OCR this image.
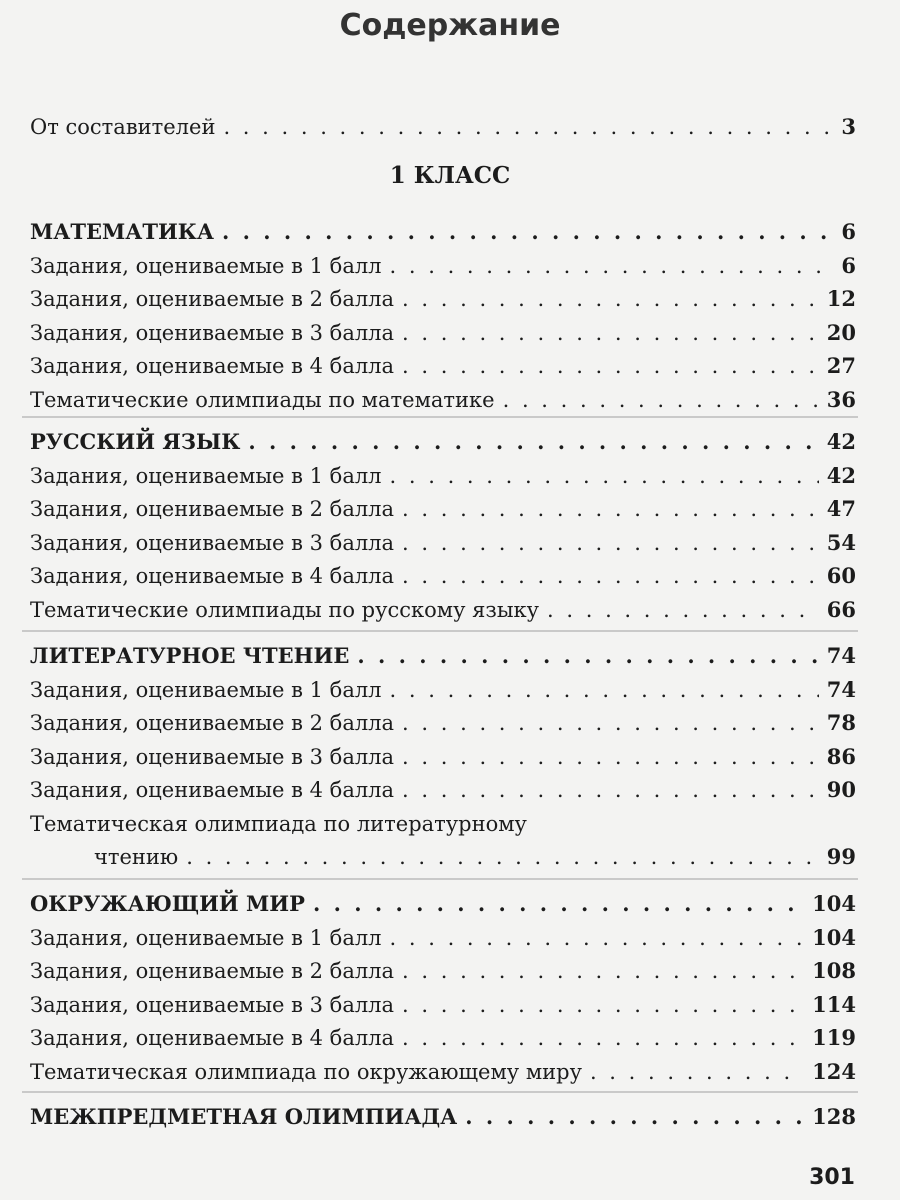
Содержание
От составителей . . .	3
1 КЛАСС
МАТЕМАТИКА . . .	6
Задания, оцениваемые в 1 балл . . .	6
Задания, оцениваемые в 2 балла . . .	12
Задания, оцениваемые в 3 балла . . .	20
Задания, оцениваемые в 4 балла . . .	27
Тематические олимпиады по математике . . .	36
РУССКИЙ ЯЗЫК . . .	42
Задания, оцениваемые в 1 балл . . .	42
Задания, оцениваемые в 2 балла . . .	47
Задания, оцениваемые в 3 балла . . .	54
Задания, оцениваемые в 4 балла . . .	60
Тематические олимпиады по русскому языку . . .	66
ЛИТЕРАТУРНОЕ ЧТЕНИЕ . . .	74
Задания, оцениваемые в 1 балл . . .	74
Задания, оцениваемые в 2 балла . . .	78
Задания, оцениваемые в 3 балла . . .	86
Задания, оцениваемые в 4 балла . . .	90
Тематическая олимпиада по литературному
чтению . . .	99
ОКРУЖАЮЩИЙ МИР . . .	104
Задания, оцениваемые в 1 балл . . .	104
Задания, оцениваемые в 2 балла . . .	108
Задания, оцениваемые в 3 балла . . .	114
Задания, оцениваемые в 4 балла . . .	119
Тематическая олимпиада по окружающему миру . . .	124
МЕЖПРЕДМЕТНАЯ ОЛИМПИАДА . . .	128
301
